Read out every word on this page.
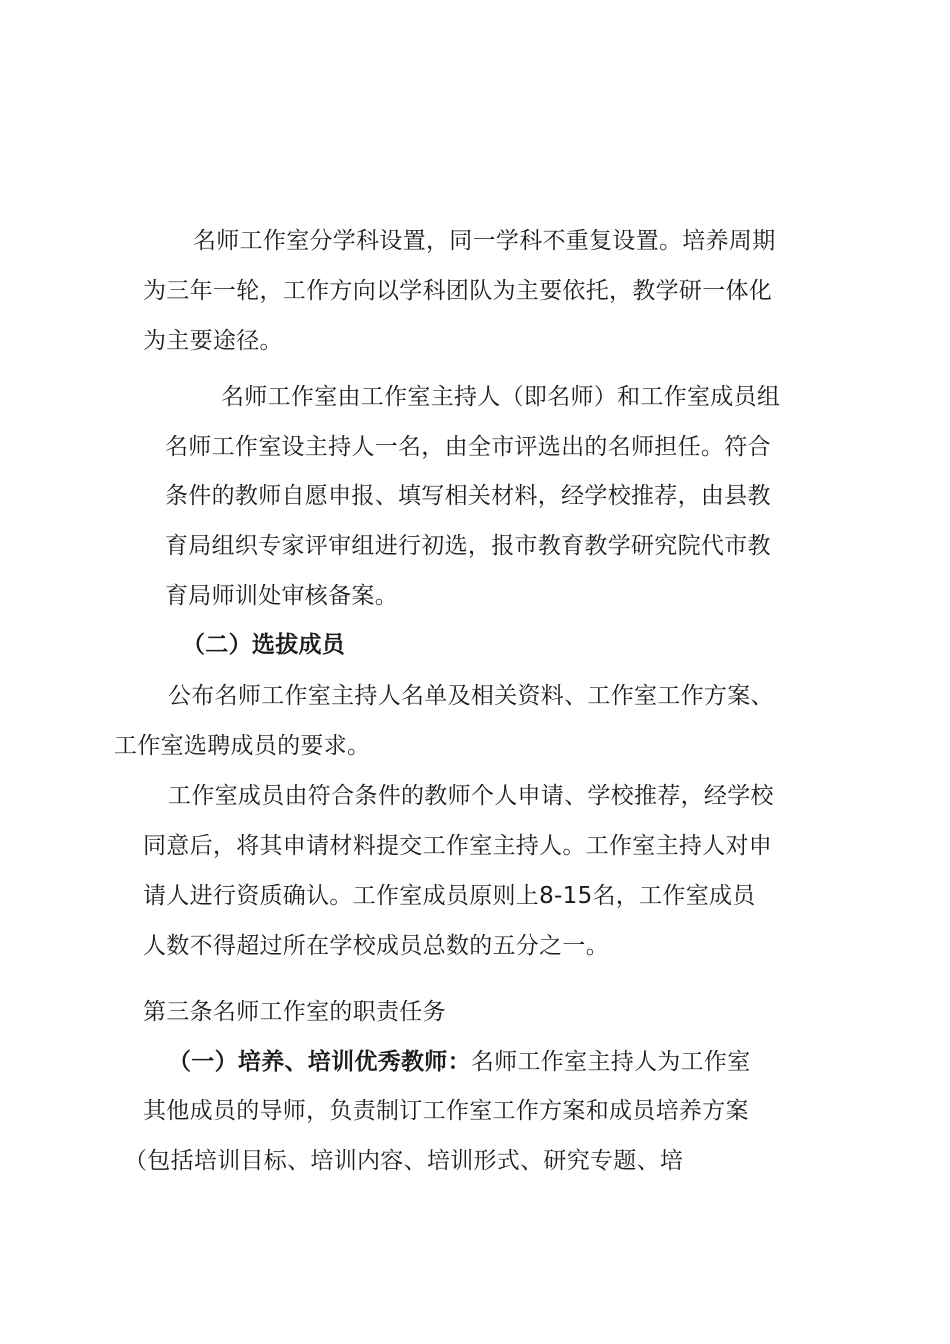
名师工作室分学科设置，同一学科不重复设置。培养周期
为三年一轮，工作方向以学科团队为主要依托，教学研一体化
为主要途径。
名师工作室由工作室主持人（即名师）和工作室成员组
名师工作室设主持人一名，由全市评选出的名师担任。符合
条件的教师自愿申报、填写相关材料，经学校推荐，由县教
育局组织专家评审组进行初选，报市教育教学研究院代市教
育局师训处审核备案。
（二）选拔成员
公布名师工作室主持人名单及相关资料、工作室工作方案、
工作室选聘成员的要求。
工作室成员由符合条件的教师个人申请、学校推荐，经学校
同意后，将其申请材料提交工作室主持人。工作室主持人对申
请人进行资质确认。工作室成员原则上8-15名，工作室成员
人数不得超过所在学校成员总数的五分之一。
第三条名师工作室的职责任务
（一）培养、培训优秀教师：名师工作室主持人为工作室
其他成员的导师，负责制订工作室工作方案和成员培养方案
（包括培训目标、培训内容、培训形式、研究专题、培
